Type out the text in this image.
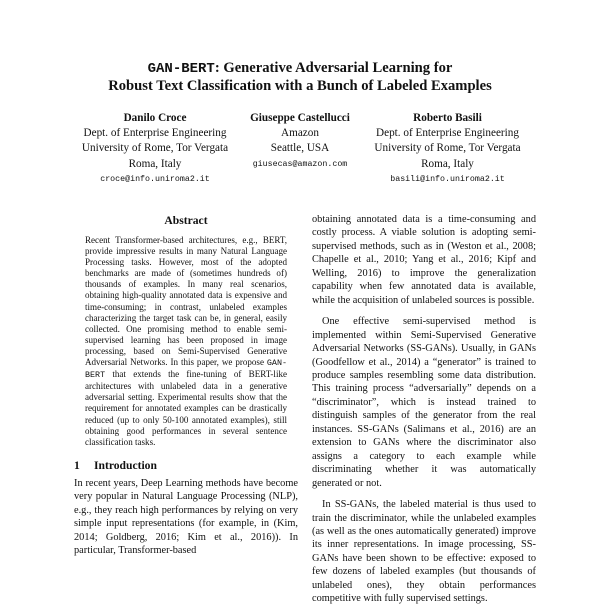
GAN-BERT: Generative Adversarial Learning for
Robust Text Classification with a Bunch of Labeled Examples
Danilo Croce
Dept. of Enterprise Engineering
University of Rome, Tor Vergata
Roma, Italy
croce@info.uniroma2.it
Giuseppe Castellucci
Amazon
Seattle, USA
giusecas@amazon.com
Roberto Basili
Dept. of Enterprise Engineering
University of Rome, Tor Vergata
Roma, Italy
basili@info.uniroma2.it
Abstract

Recent Transformer-based architectures, e.g., BERT, provide impressive results in many Natural Language Processing tasks. However, most of the adopted benchmarks are made of (sometimes hundreds of) thousands of examples. In many real scenarios, obtaining high-quality annotated data is expensive and time-consuming; in contrast, unlabeled examples characterizing the target task can be, in general, easily collected. One promising method to enable semi-supervised learning has been proposed in image processing, based on Semi-Supervised Generative Adversarial Networks. In this paper, we propose GAN-BERT that extends the fine-tuning of BERT-like architectures with unlabeled data in a generative adversarial setting. Experimental results show that the requirement for annotated examples can be drastically reduced (up to only 50-100 annotated examples), still obtaining good performances in several sentence classification tasks.

1 Introduction

In recent years, Deep Learning methods have become very popular in Natural Language Processing (NLP), e.g., they reach high performances by relying on very simple input representations (for example, in (Kim, 2014; Goldberg, 2016; Kim et al., 2016)). In particular, Transformer-based

obtaining annotated data is a time-consuming and costly process. A viable solution is adopting semi-supervised methods, such as in (Weston et al., 2008; Chapelle et al., 2010; Yang et al., 2016; Kipf and Welling, 2016) to improve the generalization capability when few annotated data is available, while the acquisition of unlabeled sources is possible.

One effective semi-supervised method is implemented within Semi-Supervised Generative Adversarial Networks (SS-GANs). Usually, in GANs (Goodfellow et al., 2014) a “generator” is trained to produce samples resembling some data distribution. This training process “adversarially” depends on a “discriminator”, which is instead trained to distinguish samples of the generator from the real instances. SS-GANs (Salimans et al., 2016) are an extension to GANs where the discriminator also assigns a category to each example while discriminating whether it was automatically generated or not.

In SS-GANs, the labeled material is thus used to train the discriminator, while the unlabeled examples (as well as the ones automatically generated) improve its inner representations. In image processing, SS-GANs have been shown to be effective: exposed to few dozens of labeled examples (but thousands of unlabeled ones), they obtain performances competitive with fully supervised settings.
